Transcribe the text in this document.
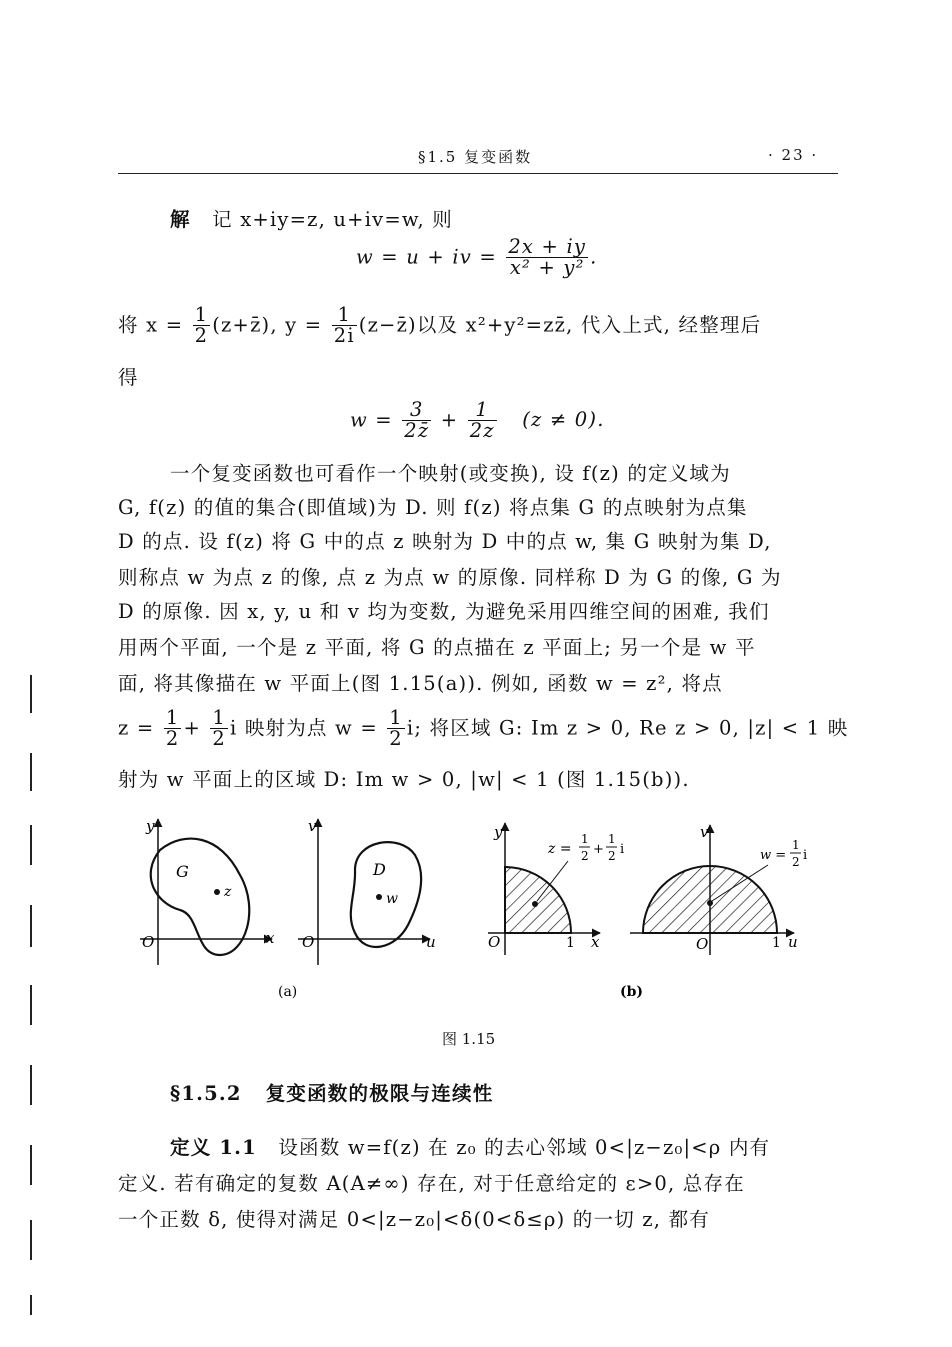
§1.5 复变函数	· 23 ·
解 记 x+iy=z, u+iv=w, 则
w = u + iv = $\frac{2x + iy}{\text{x² + y²}}$ .
将 $x = \frac{1}{2}$ (z+z̄), $y = \frac{1}{2i}$ (z−z̄)以及 x²+y²=zz̄, 代入上式, 经整理后
得
$w = \frac{3}{2z̄} + \frac{1}{2z} (z \ne 0)$.
一个复变函数也可看作一个映射(或变换), 设 f(z) 的定义域为
G, f(z) 的值的集合(即值域)为 D. 则 f(z) 将点集 G 的点映射为点集
D 的点. 设 f(z) 将 G 中的点 z 映射为 D 中的点 w, 集 G 映射为集 D,
则称点 w 为点 z 的像, 点 z 为点 w 的原像. 同样称 D 为 G 的像, G 为
D 的原像. 因 x, y, u 和 v 均为变数, 为避免采用四维空间的困难, 我们
用两个平面, 一个是 z 平面, 将 G 的点描在 z 平面上; 另一个是 w 平
面, 将其像描在 w 平面上(图 1.15(a)). 例如, 函数 w = z², 将点
$z = \frac{1}{2} + \frac{1}{2}$ i 映射为点 $w = \frac{1}{2} i$; 将区域 G: Im z > 0, Re z > 0, |z| < 1 映
射为 w 平面上的区域 D: Im w > 0, |w| < 1 (图 1.15(b)).
y
x
O
G
z
v
u
O
D
w
y
x
O	1
z =
1
2 +
1
2 i
v
u
O	1
w =
1
2 i
(a)	(b)
图 1.15
§1.5.2 复变函数的极限与连续性
定义 1.1 设函数 w=f(z) 在 z₀ 的去心邻域 0<|z−z₀|<ρ 内有
定义. 若有确定的复数 A(A≠∞) 存在, 对于任意给定的 ε>0, 总存在
一个正数 δ, 使得对满足 0<|z−z₀|<δ(0<δ≤ρ) 的一切 z, 都有
